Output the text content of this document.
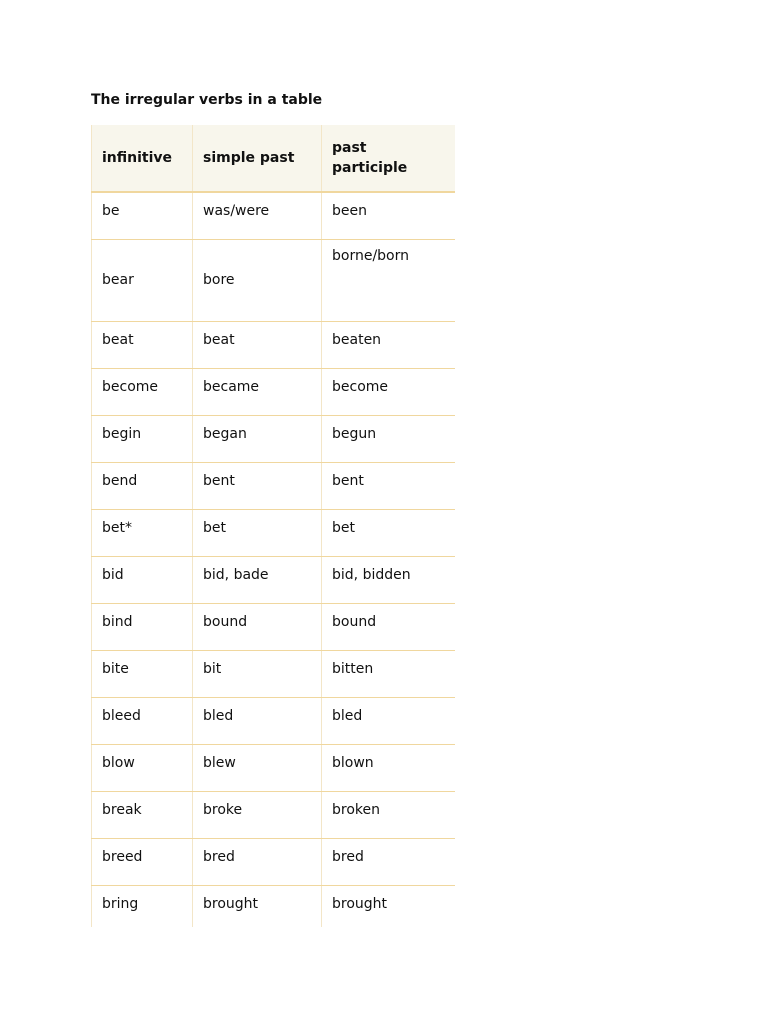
The irregular verbs in a table
infinitive	simple past	past
participle
be	was/were	been
bear	bore	borne/born
beat	beat	beaten
become	became	become
begin	began	begun
bend	bent	bent
bet*	bet	bet
bid	bid, bade	bid, bidden
bind	bound	bound
bite	bit	bitten
bleed	bled	bled
blow	blew	blown
break	broke	broken
breed	bred	bred
bring	brought	brought
